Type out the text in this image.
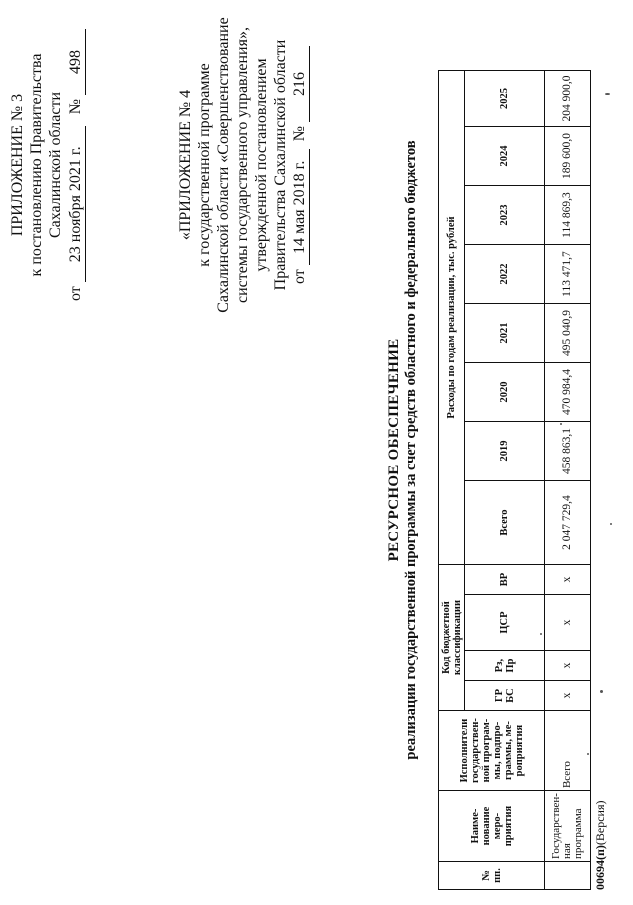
ПРИЛОЖЕНИЕ № 3 к постановлению Правительства Сахалинской области
от 23 ноября 2021 г.   № 498
«ПРИЛОЖЕНИЕ № 4 к государственной программе Сахалинской области «Совершенствование системы государственного управления», утвержденной постановлением Правительства Сахалинской области от 14 мая 2018 г.  № 216
РЕСУРСНОЕ ОБЕСПЕЧЕНИЕ реализации государственной программы за счет средств областного и федерального бюджетов
№ пп.	Наиме-нование меро-приятия	Исполнители государствен-ной програм-мы, подпро-граммы, ме-роприятия	Код бюджетной классификации				Расходы по годам реализации, тыс. рублей							
			ГР БС	Рз, Пр	ЦСР	ВР	Всего	2019	2020	2021	2022	2023	2024	2025
	Государствен-ная программа	Всего	х	х	х	х	2 047 729,4	458 863,1	470 984,4	495 040,9	113 471,7	114 869,3	189 600,0	204 900,0
00694(п)(Версия)
